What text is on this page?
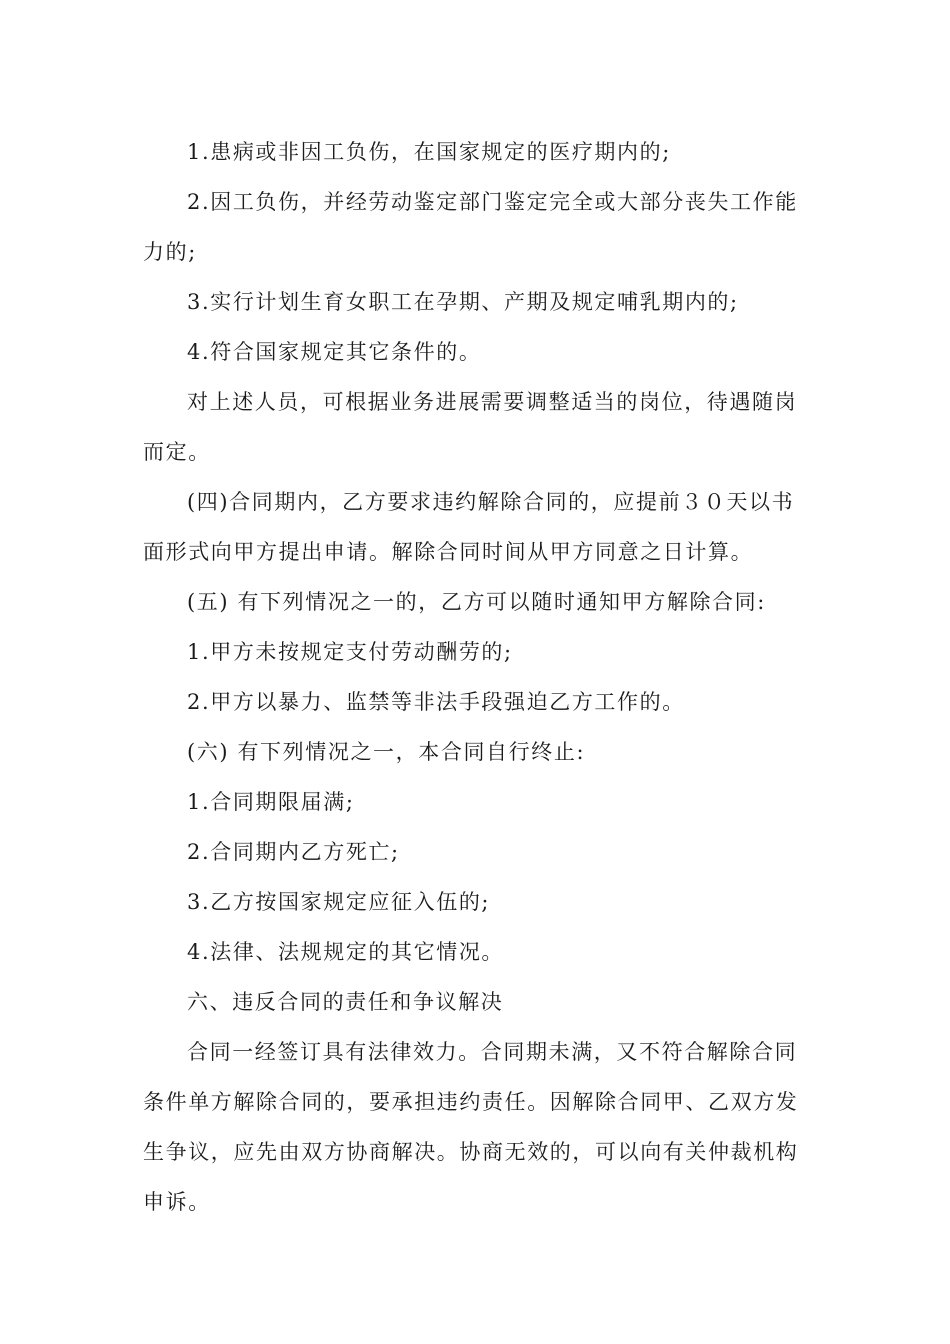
1.患病或非因工负伤，在国家规定的医疗期内的;

2.因工负伤，并经劳动鉴定部门鉴定完全或大部分丧失工作能力的;

3.实行计划生育女职工在孕期、产期及规定哺乳期内的;

4.符合国家规定其它条件的。

对上述人员，可根据业务进展需要调整适当的岗位，待遇随岗而定。

(四)合同期内，乙方要求违约解除合同的，应提前３０天以书面形式向甲方提出申请。解除合同时间从甲方同意之日计算。

(五) 有下列情况之一的，乙方可以随时通知甲方解除合同:

1.甲方未按规定支付劳动酬劳的;

2.甲方以暴力、监禁等非法手段强迫乙方工作的。

(六) 有下列情况之一，本合同自行终止:

1.合同期限届满;

2.合同期内乙方死亡;

3.乙方按国家规定应征入伍的;

4.法律、法规规定的其它情况。

六、违反合同的责任和争议解决

合同一经签订具有法律效力。合同期未满，又不符合解除合同条件单方解除合同的，要承担违约责任。因解除合同甲、乙双方发生争议，应先由双方协商解决。协商无效的，可以向有关仲裁机构申诉。
